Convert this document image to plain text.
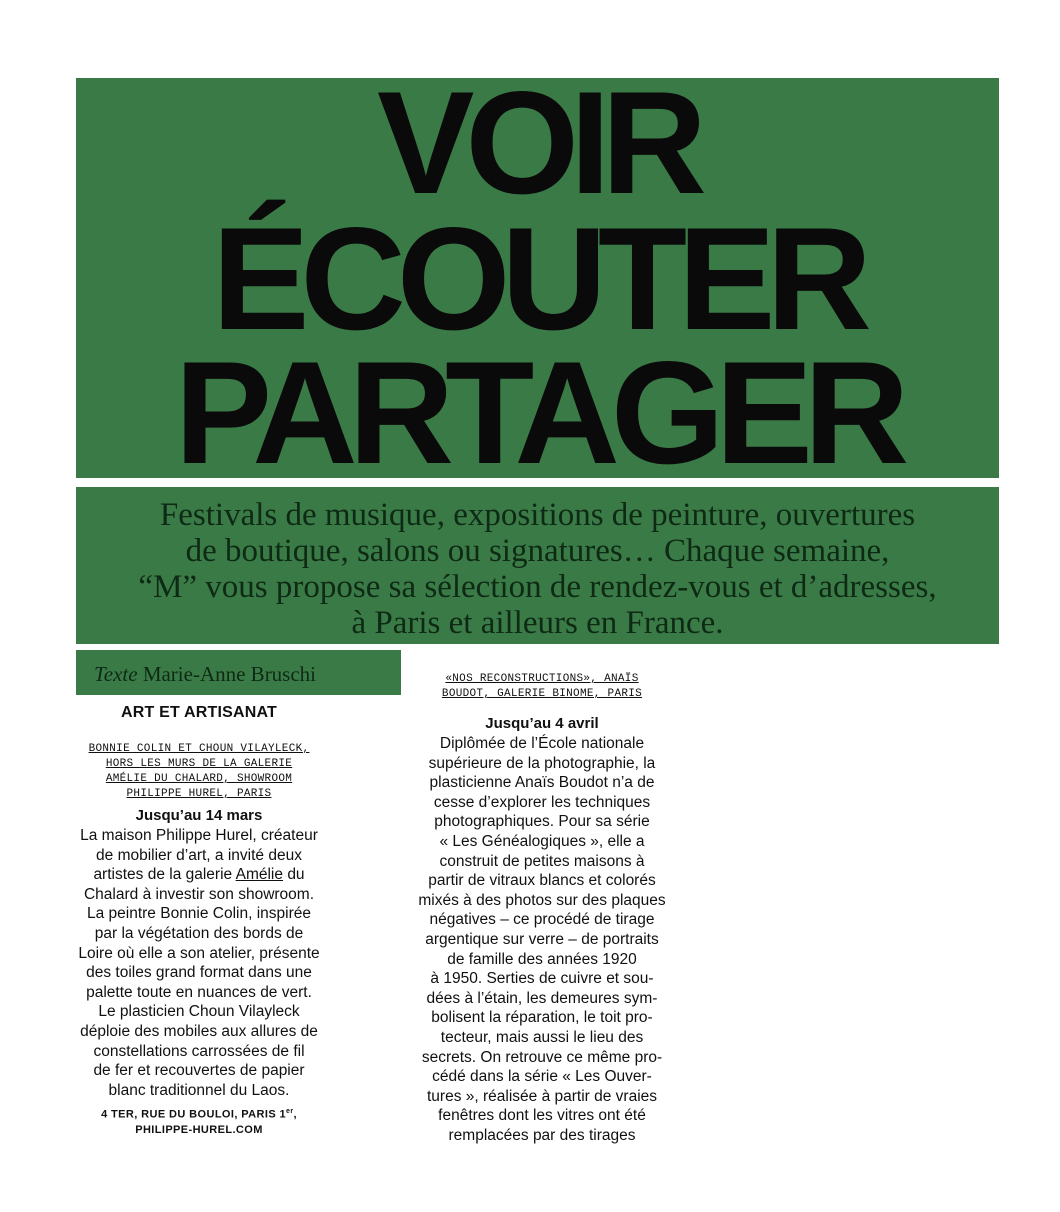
VOIR
ÉCOUTER
PARTAGER
Festivals de musique, expositions de peinture, ouvertures
de boutique, salons ou signatures… Chaque semaine,
“M” vous propose sa sélection de rendez-vous et d’adresses,
à Paris et ailleurs en France.
Texte Marie-Anne Bruschi
ART ET ARTISANAT
BONNIE COLIN ET CHOUN VILAYLECK,
HORS LES MURS DE LA GALERIE
AMÉLIE DU CHALARD, SHOWROOM
PHILIPPE HUREL, PARIS
Jusqu’au 14 mars
La maison Philippe Hurel, créateur
de mobilier d’art, a invité deux
artistes de la galerie Amélie du
Chalard à investir son showroom.
La peintre Bonnie Colin, inspirée
par la végétation des bords de
Loire où elle a son atelier, présente
des toiles grand format dans une
palette toute en nuances de vert.
Le plasticien Choun Vilayleck
déploie des mobiles aux allures de
constellations carrossées de fil
de fer et recouvertes de papier
blanc traditionnel du Laos.
4 TER, RUE DU BOULOI, PARIS 1er,
PHILIPPE-HUREL.COM
«NOS RECONSTRUCTIONS», ANAÏS
BOUDOT, GALERIE BINOME, PARIS
Jusqu’au 4 avril
Diplômée de l’École nationale
supérieure de la photographie, la
plasticienne Anaïs Boudot n’a de
cesse d’explorer les techniques
photographiques. Pour sa série
« Les Généalogiques », elle a
construit de petites maisons à
partir de vitraux blancs et colorés
mixés à des photos sur des plaques
négatives – ce procédé de tirage
argentique sur verre – de portraits
de famille des années 1920
à 1950. Serties de cuivre et sou-
dées à l’étain, les demeures sym-
bolisent la réparation, le toit pro-
tecteur, mais aussi le lieu des
secrets. On retrouve ce même pro-
cédé dans la série « Les Ouver-
tures », réalisée à partir de vraies
fenêtres dont les vitres ont été
remplacées par des tirages
